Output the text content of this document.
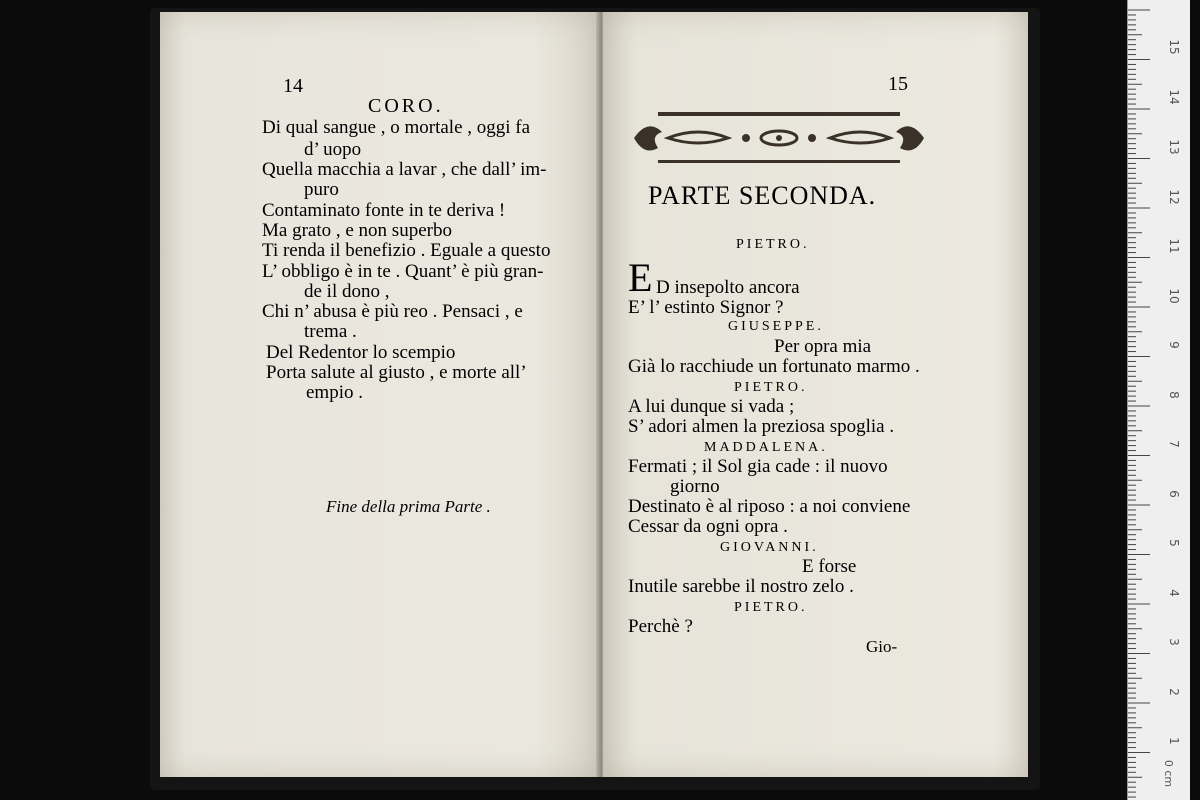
14
CORO.
Di qual sangue , o mortale , oggi fa
d’ uopo
Quella macchia a lavar , che dall’ im-
puro
Contaminato fonte in te deriva !
Ma grato , e non superbo
Ti renda il benefizio . Eguale a questo
L’ obbligo è in te . Quant’ è più gran-
de il dono ,
Chi n’ abusa è più reo . Pensaci , e
trema .
Del Redentor lo scempio
Porta salute al giusto , e morte all’
empio .
Fine della prima Parte .
15
PARTE SECONDA.
PIETRO.
E D insepolto ancora
E’ l’ estinto Signor ?
GIUSEPPE.
Per opra mia
Già lo racchiude un fortunato marmo .
PIETRO.
A lui dunque si vada ;
S’ adori almen la preziosa spoglia .
MADDALENA.
Fermati ; il Sol gia cade : il nuovo
giorno
Destinato è al riposo : a noi conviene
Cessar da ogni opra .
GIOVANNI.
E forse
Inutile sarebbe il nostro zelo .
PIETRO.
Perchè ?
Gio-
15
14
13
12
11
10
9
8
7
6
5
4
3
2
1
0 cm
